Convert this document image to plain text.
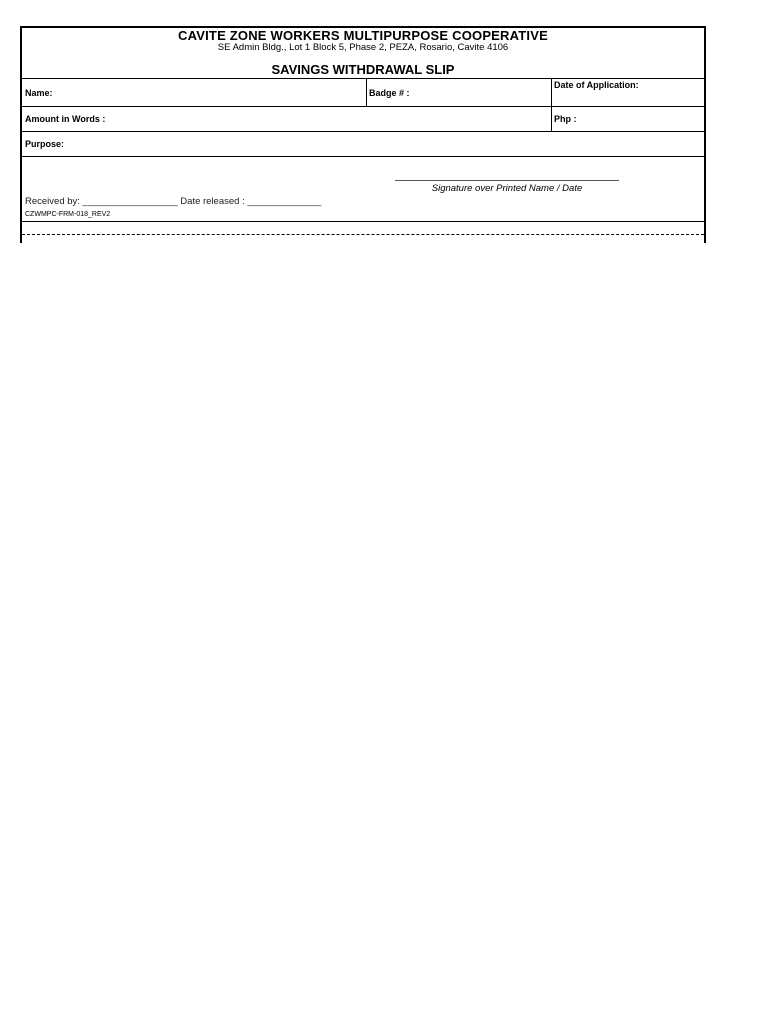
CAVITE ZONE WORKERS MULTIPURPOSE COOPERATIVE
SE Admin Bldg., Lot 1 Block 5, Phase 2, PEZA, Rosario, Cavite 4106
SAVINGS WITHDRAWAL SLIP
Name:	Badge # :
Date of Application:
Amount in Words :	Php :
Purpose:
Signature over Printed Name / Date
Received by: __________________ Date released : ______________
CZWMPC-FRM-018_REV2
